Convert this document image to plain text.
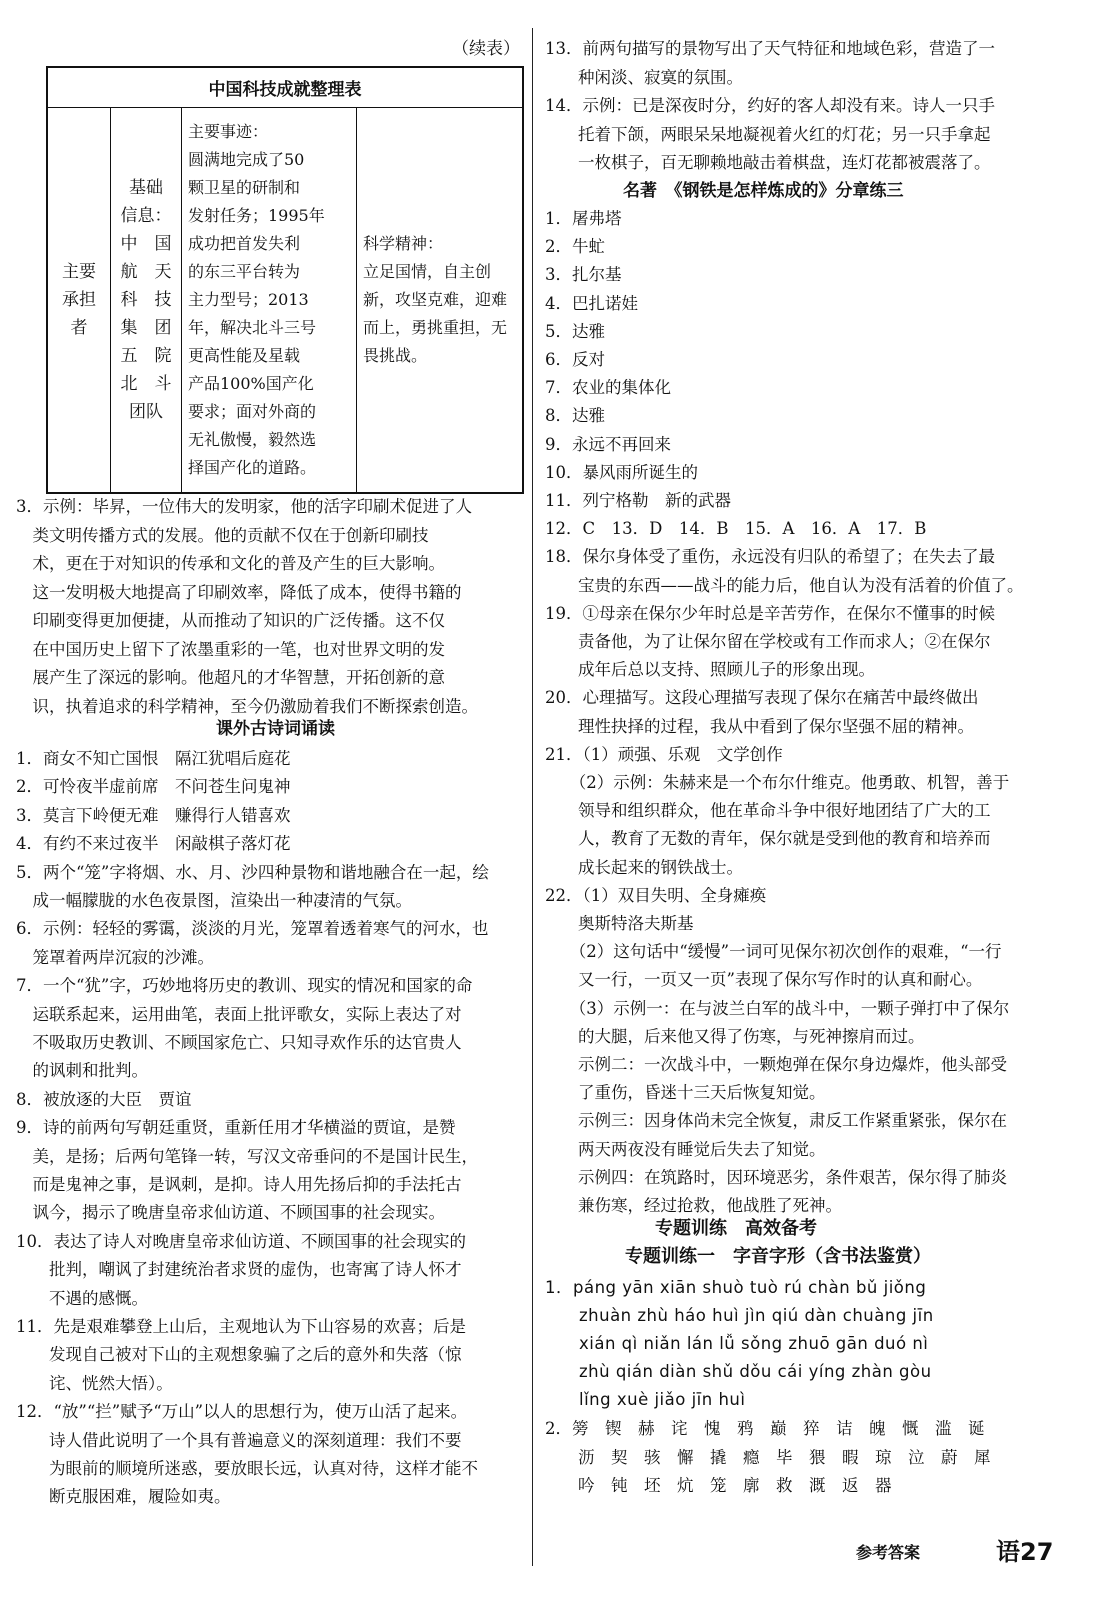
（续表）
中国科技成就整理表

主要
承担
者

基础
信息：
中　国
航　天
科　技
集　团
五　院
北　斗
团队

主要事迹：
圆满地完成了50
颗卫星的研制和
发射任务；1995年
成功把首发失利
的东三平台转为
主力型号；2013
年，解决北斗三号
更高性能及星载
产品100%国产化
要求；面对外商的
无礼傲慢，毅然选
择国产化的道路。

科学精神：
立足国情，自主创
新，攻坚克难，迎难
而上，勇挑重担，无
畏挑战。
3．示例：毕昇，一位伟大的发明家，他的活字印刷术促进了人
　类文明传播方式的发展。他的贡献不仅在于创新印刷技
　术，更在于对知识的传承和文化的普及产生的巨大影响。
　这一发明极大地提高了印刷效率，降低了成本，使得书籍的
　印刷变得更加便捷，从而推动了知识的广泛传播。这不仅
　在中国历史上留下了浓墨重彩的一笔，也对世界文明的发
　展产生了深远的影响。他超凡的才华智慧，开拓创新的意
　识，执着追求的科学精神，至今仍激励着我们不断探索创造。
课外古诗词诵读
1．商女不知亡国恨　隔江犹唱后庭花
2．可怜夜半虚前席　不问苍生问鬼神
3．莫言下岭便无难　赚得行人错喜欢
4．有约不来过夜半　闲敲棋子落灯花
5．两个“笼”字将烟、水、月、沙四种景物和谐地融合在一起，绘
　成一幅朦胧的水色夜景图，渲染出一种凄清的气氛。
6．示例：轻轻的雾霭，淡淡的月光，笼罩着透着寒气的河水，也
　笼罩着两岸沉寂的沙滩。
7．一个“犹”字，巧妙地将历史的教训、现实的情况和国家的命
　运联系起来，运用曲笔，表面上批评歌女，实际上表达了对
　不吸取历史教训、不顾国家危亡、只知寻欢作乐的达官贵人
　的讽刺和批判。
8．被放逐的大臣　贾谊
9．诗的前两句写朝廷重贤，重新任用才华横溢的贾谊，是赞
　美，是扬；后两句笔锋一转，写汉文帝垂问的不是国计民生，
　而是鬼神之事，是讽刺，是抑。诗人用先扬后抑的手法托古
　讽今，揭示了晚唐皇帝求仙访道、不顾国事的社会现实。
10．表达了诗人对晚唐皇帝求仙访道、不顾国事的社会现实的
　　批判，嘲讽了封建统治者求贤的虚伪，也寄寓了诗人怀才
　　不遇的感慨。
11．先是艰难攀登上山后，主观地认为下山容易的欢喜；后是
　　发现自己被对下山的主观想象骗了之后的意外和失落（惊
　　诧、恍然大悟）。
12．“放”“拦”赋予“万山”以人的思想行为，使万山活了起来。
　　诗人借此说明了一个具有普遍意义的深刻道理：我们不要
　　为眼前的顺境所迷惑，要放眼长远，认真对待，这样才能不
　　断克服困难，履险如夷。
13．前两句描写的景物写出了天气特征和地域色彩，营造了一
　　种闲淡、寂寞的氛围。
14．示例：已是深夜时分，约好的客人却没有来。诗人一只手
　　托着下颌，两眼呆呆地凝视着火红的灯花；另一只手拿起
　　一枚棋子，百无聊赖地敲击着棋盘，连灯花都被震落了。
名著　《钢铁是怎样炼成的》分章练三
1．屠弗塔
2．牛虻
3．扎尔基
4．巴扎诺娃
5．达雅
6．反对
7．农业的集体化
8．达雅
9．永远不再回来
10．暴风雨所诞生的
11．列宁格勒　新的武器
12．C　13．D　14．B　15．A　16．A　17．B
18．保尔身体受了重伤，永远没有归队的希望了；在失去了最
　　宝贵的东西——战斗的能力后，他自认为没有活着的价值了。
19．①母亲在保尔少年时总是辛苦劳作，在保尔不懂事的时候
　　责备他，为了让保尔留在学校或有工作而求人；②在保尔
　　成年后总以支持、照顾儿子的形象出现。
20．心理描写。这段心理描写表现了保尔在痛苦中最终做出
　　理性抉择的过程，我从中看到了保尔坚强不屈的精神。
21．（1）顽强、乐观　文学创作
　　（2）示例：朱赫来是一个布尔什维克。他勇敢、机智，善于
　　领导和组织群众，他在革命斗争中很好地团结了广大的工
　　人，教育了无数的青年，保尔就是受到他的教育和培养而
　　成长起来的钢铁战士。
22．（1）双目失明、全身瘫痪
　　奥斯特洛夫斯基
　　（2）这句话中“缓慢”一词可见保尔初次创作的艰难，“一行
　　又一行，一页又一页”表现了保尔写作时的认真和耐心。
　　（3）示例一：在与波兰白军的战斗中，一颗子弹打中了保尔
　　的大腿，后来他又得了伤寒，与死神擦肩而过。
　　示例二：一次战斗中，一颗炮弹在保尔身边爆炸，他头部受
　　了重伤，昏迷十三天后恢复知觉。
　　示例三：因身体尚未完全恢复，肃反工作紧重紧张，保尔在
　　两天两夜没有睡觉后失去了知觉。
　　示例四：在筑路时，因环境恶劣，条件艰苦，保尔得了肺炎
　　兼伤寒，经过抢救，他战胜了死神。
专题训练　高效备考
专题训练一　字音字形（含书法鉴赏）
1．páng yān xiān shuò tuò rú chàn bǔ jiǒng
　　zhuàn zhù háo huì jìn qiú dàn chuàng jīn
　　xián qì niǎn lán lǚ sǒng zhuō gān duó nì
　　zhù qián diàn shǔ dǒu cái yíng zhàn gòu
　　lǐng xuè jiǎo jīn huì
2．篣　锲　赫　诧　愧　鸦　巅　猝　诘　魄　慨　滥　诞
　　沥　契　骇　懈　撬　瘾　毕　猥　暇　琼　泣　蔚　犀
　　吟　钝　坯　炕　笼　廓　救　溉　返　器
参考答案	语27
